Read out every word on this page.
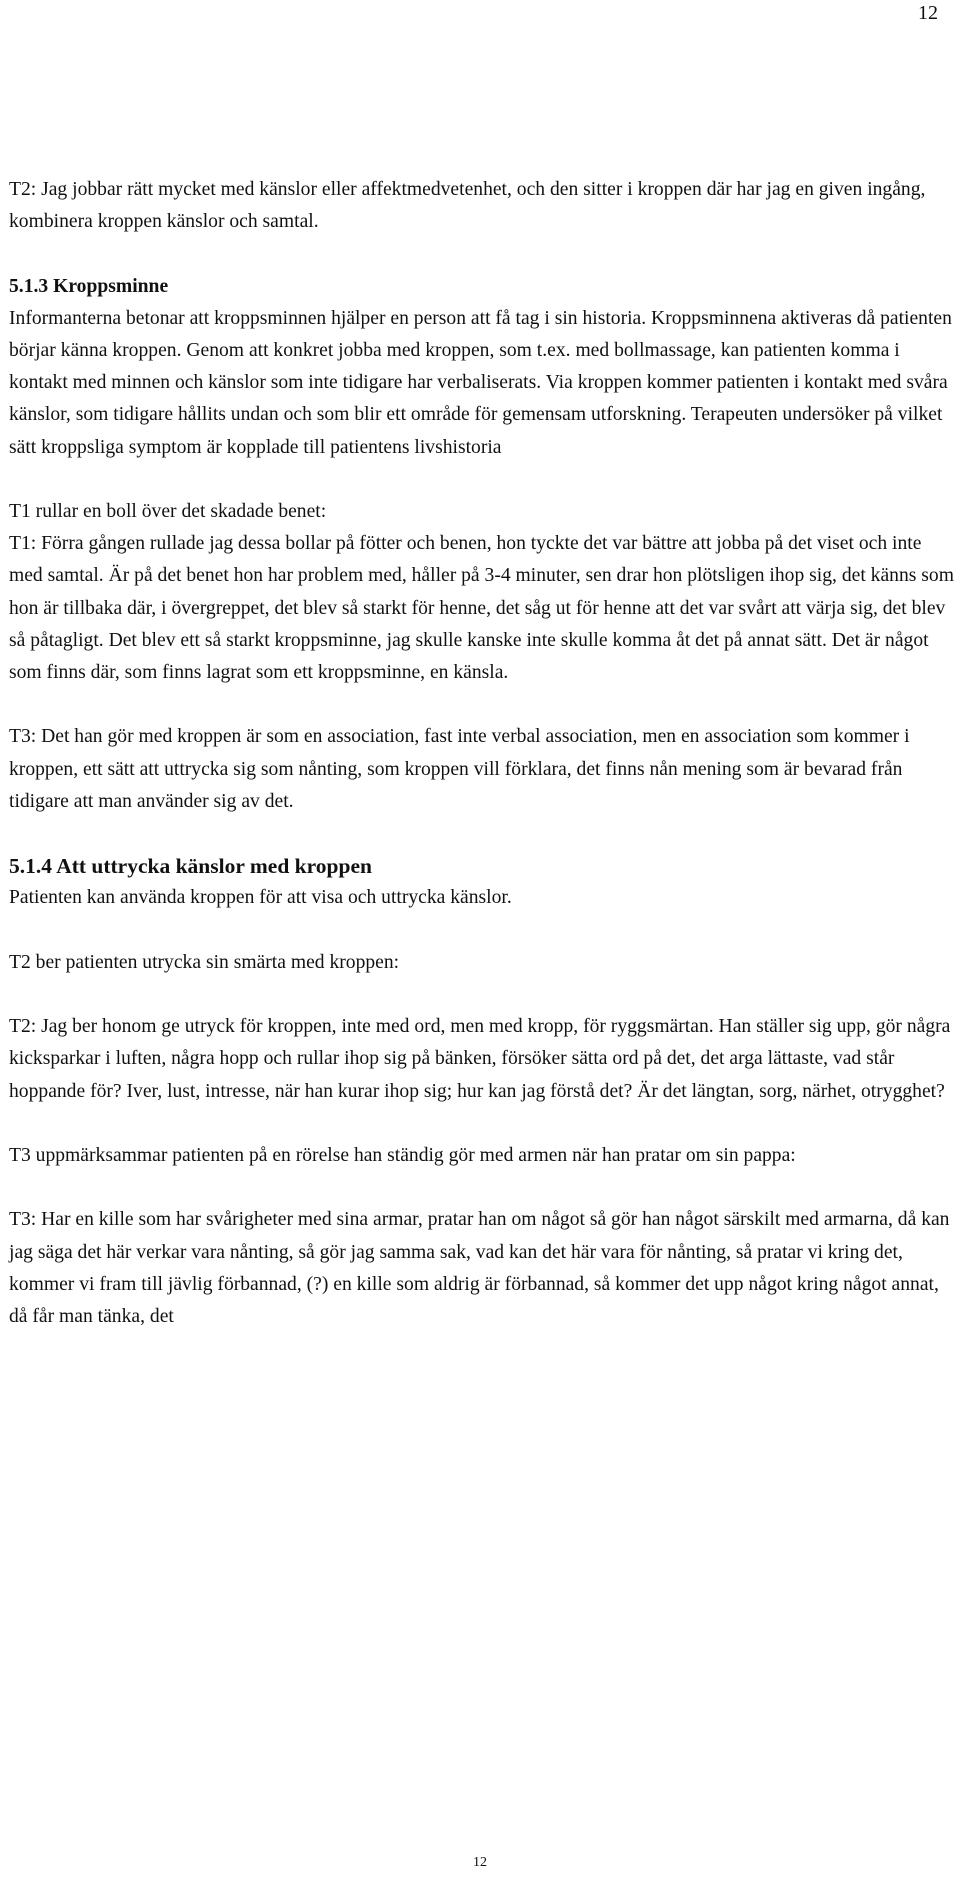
12

T2: Jag jobbar rätt mycket med känslor eller affektmedvetenhet, och den sitter i kroppen där har jag en given ingång, kombinera kroppen känslor och samtal.

5.1.3 Kroppsminne

Informanterna betonar att kroppsminnen hjälper en person att få tag i sin historia. Kroppsminnena aktiveras då patienten börjar känna kroppen. Genom att konkret jobba med kroppen, som t.ex. med bollmassage, kan patienten komma i kontakt med minnen och känslor som inte tidigare har verbaliserats. Via kroppen kommer patienten i kontakt med svåra känslor, som tidigare hållits undan och som blir ett område för gemensam utforskning. Terapeuten undersöker på vilket sätt kroppsliga symptom är kopplade till patientens livshistoria

T1 rullar en boll över det skadade benet:

T1: Förra gången rullade jag dessa bollar på fötter och benen, hon tyckte det var bättre att jobba på det viset och inte med samtal. Är på det benet hon har problem med, håller på 3-4 minuter, sen drar hon plötsligen ihop sig, det känns som hon är tillbaka där, i övergreppet, det blev så starkt för henne, det såg ut för henne att det var svårt att värja sig, det blev så påtagligt. Det blev ett så starkt kroppsminne, jag skulle kanske inte skulle komma åt det på annat sätt. Det är något som finns där, som finns lagrat som ett kroppsminne, en känsla.

T3: Det han gör med kroppen är som en association, fast inte verbal association, men en association som kommer i kroppen, ett sätt att uttrycka sig som nånting, som kroppen vill förklara, det finns nån mening som är bevarad från tidigare att man använder sig av det.

5.1.4 Att uttrycka känslor med kroppen

Patienten kan använda kroppen för att visa och uttrycka känslor.

T2 ber patienten utrycka sin smärta med kroppen:

T2: Jag ber honom ge utryck för kroppen, inte med ord, men med kropp, för ryggsmärtan. Han ställer sig upp, gör några kicksparkar i luften, några hopp och rullar ihop sig på bänken, försöker sätta ord på det, det arga lättaste, vad står hoppande för? Iver, lust, intresse, när han kurar ihop sig; hur kan jag förstå det? Är det längtan, sorg, närhet, otrygghet?

T3 uppmärksammar patienten på en rörelse han ständig gör med armen när han pratar om sin pappa:

T3: Har en kille som har svårigheter med sina armar, pratar han om något så gör han något särskilt med armarna, då kan jag säga det här verkar vara nånting, så gör jag samma sak, vad kan det här vara för nånting, så pratar vi kring det, kommer vi fram till jävlig förbannad, (?) en kille som aldrig är förbannad, så kommer det upp något kring något annat, då får man tänka, det

12
